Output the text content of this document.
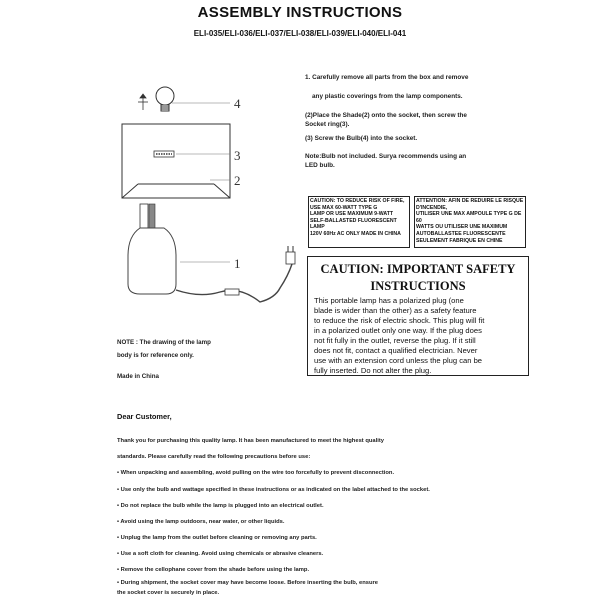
ASSEMBLY INSTRUCTIONS
ELI-035/ELI-036/ELI-037/ELI-038/ELI-039/ELI-040/ELI-041
4
3
2
1
1. Carefully remove all parts from the box and remove
any plastic coverings from the lamp components.
(2)Place the Shade(2) onto the socket, then screw the
Socket ring(3).
(3) Screw the Bulb(4) into the socket.
Note:Bulb not included. Surya recommends using an
LED bulb.
CAUTION: TO REDUCE RISK OF FIRE,
USE MAX 60-WATT TYPE G
LAMP OR USE MAXIMUM 9-WATT
SELF-BALLASTED FLUORESCENT LAMP
120V 60Hz AC ONLY MADE IN CHINA
ATTENTION: AFIN DE REDUIRE LE RISQUE D'INCENDIE,
UTILISER UNE MAX AMPOULE TYPE G DE 60
WATTS OU UTILISER UNE MAXIMUM
AUTOBALLASTEE FLUORESCENTE
SEULEMENT FABRIQUE EN CHINE
CAUTION: IMPORTANT SAFETY
INSTRUCTIONS
This portable lamp has a polarized plug (one
blade is wider than the other) as a safety feature
to reduce the risk of electric shock. This plug will fit
in a polarized outlet only one way. If the plug does
not fit fully in the outlet, reverse the plug. If it still
does not fit, contact a qualified electrician. Never
use with an extension cord unless the plug can be
fully inserted. Do not alter the plug.
NOTE : The drawing of the lamp
body is for reference only.
Made in China
Dear Customer,
Thank you for purchasing this quality lamp. It has been manufactured to meet the highest quality
standards. Please carefully read the following precautions before use:
• When unpacking and assembling, avoid pulling on the wire too forcefully to prevent disconnection.
• Use only the bulb and wattage specified in these instructions or as indicated on the label attached to the socket.
• Do not replace the bulb while the lamp is plugged into an electrical outlet.
• Avoid using the lamp outdoors, near water, or other liquids.
• Unplug the lamp from the outlet before cleaning or removing any parts.
• Use a soft cloth for cleaning. Avoid using chemicals or abrasive cleaners.
• Remove the cellophane cover from the shade before using the lamp.
• During shipment, the socket cover may have become loose. Before inserting the bulb, ensure
the socket cover is securely in place.
